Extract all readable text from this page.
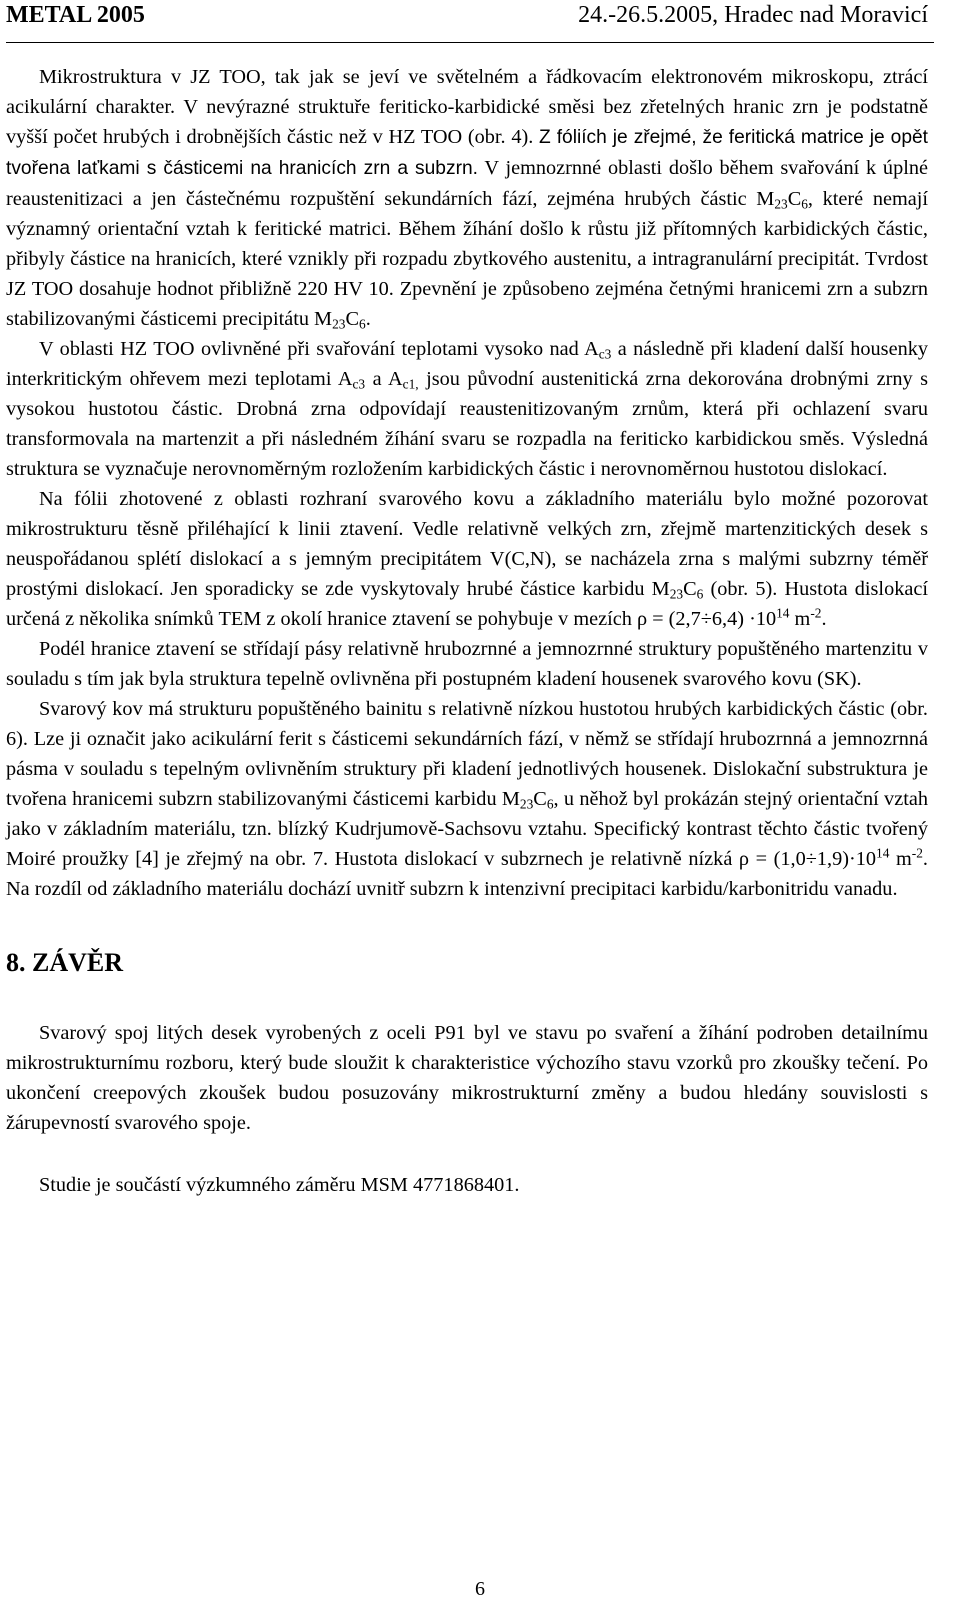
METAL 2005	24.-26.5.2005, Hradec nad Moravicí

Mikrostruktura v JZ TOO, tak jak se jeví ve světelném a řádkovacím elektronovém mikroskopu, ztrácí acikulární charakter. V nevýrazné struktuře feriticko-karbidické směsi bez zřetelných hranic zrn je podstatně vyšší počet hrubých i drobnějších částic než v HZ TOO (obr. 4). Z fóliích je zřejmé, že feritická matrice je opět tvořena laťkami s částicemi na hranicích zrn a subzrn. V jemnozrnné oblasti došlo během svařování k úplné reaustenitizaci a jen částečnému rozpuštění sekundárních fází, zejména hrubých částic $M_{23}C_6$, které nemají významný orientační vztah k feritické matrici. Během žíhání došlo k růstu již přítomných karbidických částic, přibyly částice na hranicích, které vznikly při rozpadu zbytkového austenitu, a intragranulární precipitát. Tvrdost JZ TOO dosahuje hodnot přibližně 220 HV 10. Zpevnění je způsobeno zejména četnými hranicemi zrn a subzrn stabilizovanými částicemi precipitátu $M_{23}C_6$.

V oblasti HZ TOO ovlivněné při svařování teplotami vysoko nad $A_{c3}$ a následně při kladení další housenky interkritickým ohřevem mezi teplotami $A_{c3}$ a $A_{c1,}$ jsou původní austenitická zrna dekorována drobnými zrny s vysokou hustotou částic. Drobná zrna odpovídají reaustenitizovaným zrnům, která při ochlazení svaru transformovala na martenzit a při následném žíhání svaru se rozpadla na feriticko karbidickou směs. Výsledná struktura se vyznačuje nerovnoměrným rozložením karbidických částic i nerovnoměrnou hustotou dislokací.

Na fólii zhotovené z oblasti rozhraní svarového kovu a základního materiálu bylo možné pozorovat mikrostrukturu těsně přiléhající k linii ztavení. Vedle relativně velkých zrn, zřejmě martenzitických desek s neuspořádanou splétí dislokací a s jemným precipitátem V(C,N), se nacházela zrna s malými subzrny téměř prostými dislokací. Jen sporadicky se zde vyskytovaly hrubé částice karbidu $M_{23}C_6$ (obr. 5). Hustota dislokací určená z několika snímků TEM z okolí hranice ztavení se pohybuje v mezích $\rho = (2,7\div 6,4) \cdot 10^{14}$ $m^{-2}$.

Podél hranice ztavení se střídají pásy relativně hrubozrnné a jemnozrnné struktury popuštěného martenzitu v souladu s tím jak byla struktura tepelně ovlivněna při postupném kladení housenek svarového kovu (SK).

Svarový kov má strukturu popuštěného bainitu s relativně nízkou hustotou hrubých karbidických částic (obr. 6). Lze ji označit jako acikulární ferit s částicemi sekundárních fází, v němž se střídají hrubozrnná a jemnozrnná pásma v souladu s tepelným ovlivněním struktury při kladení jednotlivých housenek. Dislokační substruktura je tvořena hranicemi subzrn stabilizovanými částicemi karbidu $M_{23}C_6$, u něhož byl prokázán stejný orientační vztah jako v základním materiálu, tzn. blízký Kudrjumově-Sachsovu vztahu. Specifický kontrast těchto částic tvořený Moiré proužky [4] je zřejmý na obr. 7. Hustota dislokací v subzrnech je relativně nízká $\rho = (1,0\div 1,9)\cdot 10^{14}$ $m^{-2}$. Na rozdíl od základního materiálu dochází uvnitř subzrn k intenzivní precipitaci karbidu/karbonitridu vanadu.

8. ZÁVĚR

Svarový spoj litých desek vyrobených z oceli P91 byl ve stavu po svaření a žíhání podroben detailnímu mikrostrukturnímu rozboru, který bude sloužit k charakteristice výchozího stavu vzorků pro zkoušky tečení. Po ukončení creepových zkoušek budou posuzovány mikrostrukturní změny a budou hledány souvislosti s žárupevností svarového spoje.

Studie je součástí výzkumného záměru MSM 4771868401.

6
